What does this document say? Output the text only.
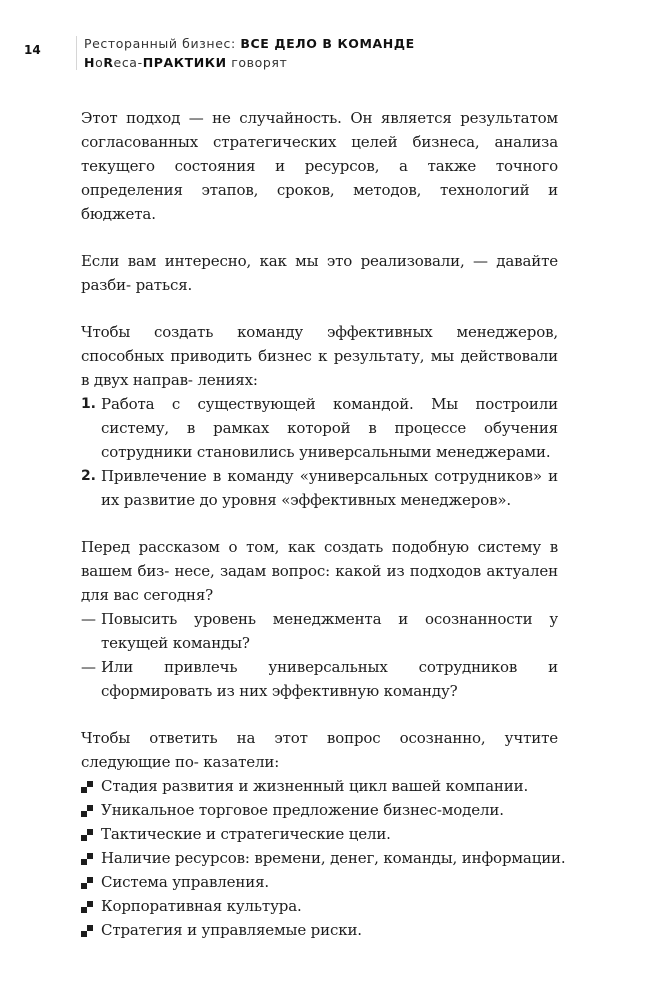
14	Ресторанный бизнес: ВСЕ ДЕЛО В КОМАНДЕ
HoReca-ПРАКТИКИ говорят

Этот подход — не случайность. Он является результатом согласованных стратегических целей бизнеса, анализа текущего состояния и ресурсов, а также точного определения этапов, сроков, методов, технологий и бюджета.

Если вам интересно, как мы это реализовали, — давайте разби- раться.

Чтобы создать команду эффективных менеджеров, способных приводить бизнес к результату, мы действовали в двух направ- лениях:

1. Работа с существующей командой. Мы построили систему, в рамках которой в процессе обучения сотрудники становились универсальными менеджерами.
2. Привлечение в команду «универсальных сотрудников» и их развитие до уровня «эффективных менеджеров».

Перед рассказом о том, как создать подобную систему в вашем биз- несе, задам вопрос: какой из подходов актуален для вас сегодня?

— Повысить уровень менеджмента и осознанности у текущей команды?
— Или привлечь универсальных сотрудников и сформировать из них эффективную команду?

Чтобы ответить на этот вопрос осознанно, учтите следующие по- казатели:

Стадия развития и жизненный цикл вашей компании.
Уникальное торговое предложение бизнес-модели.
Тактические и стратегические цели.
Наличие ресурсов: времени, денег, команды, информации.
Система управления.
Корпоративная культура.
Стратегия и управляемые риски.
